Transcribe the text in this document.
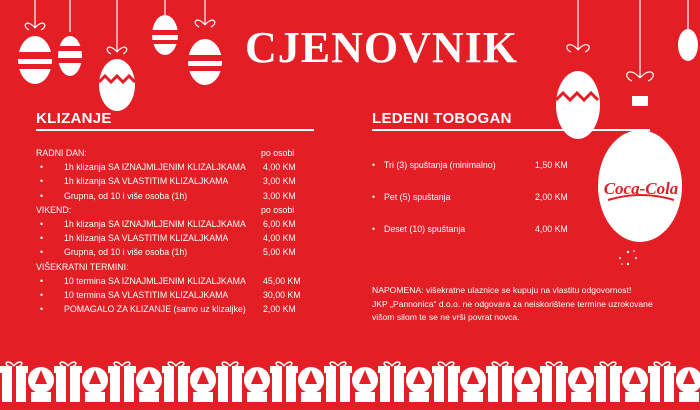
CJENOVNIK
KLIZANJE	LEDENI TOBOGAN
RADNI DAN:	po osobi
• 1h klizanja SA IZNAJMLJENIM KLIZALJKAMA 4,00 KM
• 1h klizanja SA VLASTITIM KLIZALJKAMA	3,00 KM
• Grupna, od 10 i više osoba (1h)	3,00 KM
VIKEND:	po osobi
• 1h klizanja SA IZNAJMLJENIM KLIZALJKAMA 6,00 KM
• 1h klizanja SA VLASTITIM KLIZALJKAMA	4,00 KM
• Grupna, od 10 i više osoba (1h)	5,00 KM
VIŠEKRATNI TERMINI:
• 10 termina SA IZNAJMLJENIM KLIZALJKAMA 45,00 KM
• 10 termina SA VLASTITIM KLIZALJKAMA	30,00 KM
• POMAGALO ZA KLIZANJE (samo uz klizaljke) 2,00 KM
• Tri (3) spuštanja (minimalno)	1,50 KM
• Pet (5) spuštanja	2,00 KM
• Deset (10) spuštanja	4,00 KM
Coca-Cola

NAPOMENA: višekratne ulaznice se kupuju na vlastitu odgovornost!

JKP „Pannonica“ d.o.o. ne odgovara za neiskorištene termine uzrokovane

višom silom te se ne vrši povrat novca.
